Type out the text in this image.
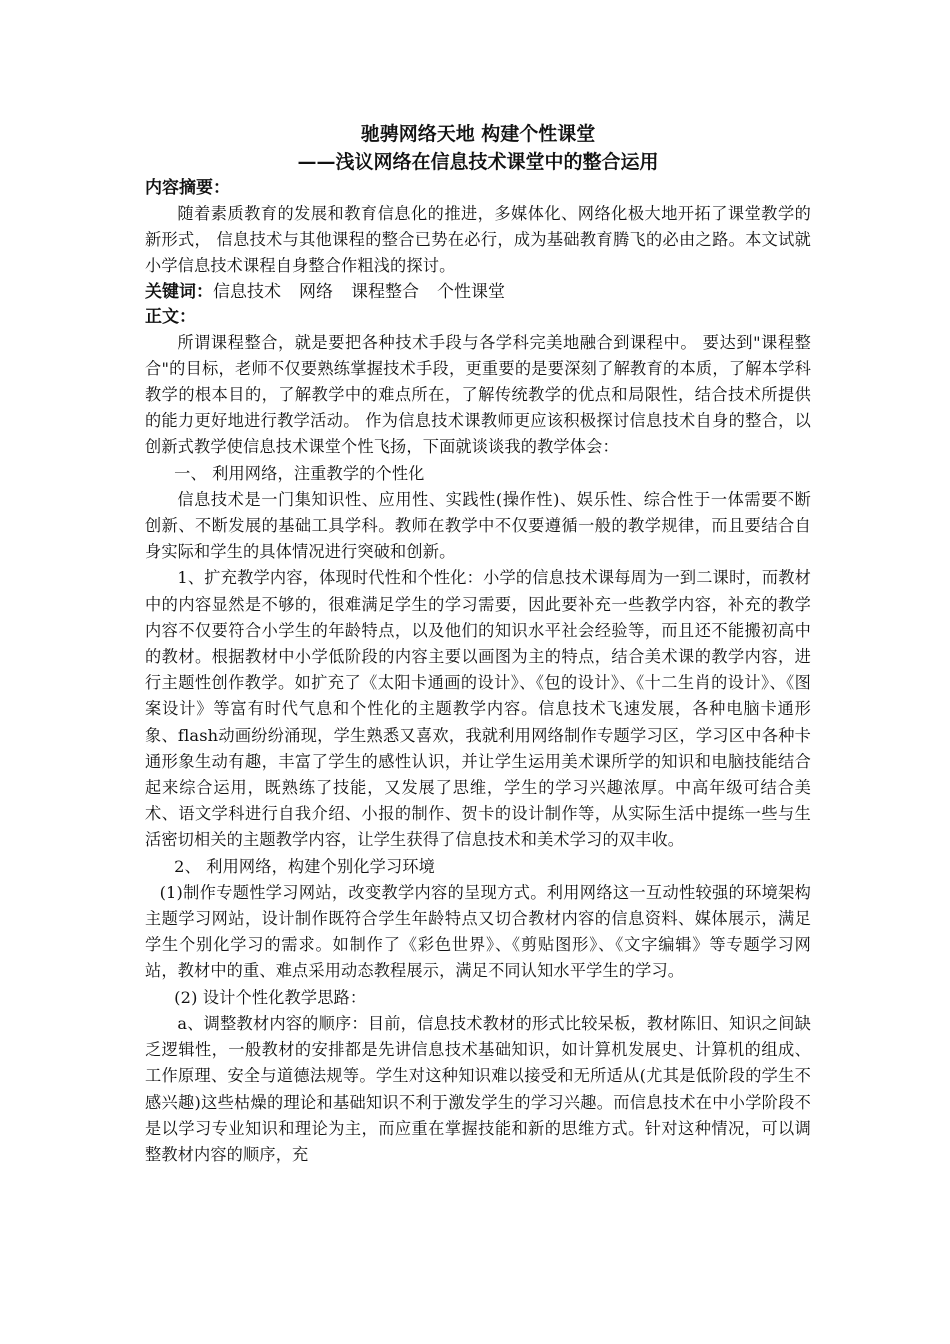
驰骋网络天地 构建个性课堂
——浅议网络在信息技术课堂中的整合运用
内容摘要：

随着素质教育的发展和教育信息化的推进，多媒体化、网络化极大地开拓了课堂教学的新形式， 信息技术与其他课程的整合已势在必行，成为基础教育腾飞的必由之路。本文试就小学信息技术课程自身整合作粗浅的探讨。

关键词：信息技术 网络 课程整合 个性课堂
正文：

所谓课程整合，就是要把各种技术手段与各学科完美地融合到课程中。 要达到"课程整合"的目标，老师不仅要熟练掌握技术手段，更重要的是要深刻了解教育的本质，了解本学科教学的根本目的，了解教学中的难点所在，了解传统教学的优点和局限性，结合技术所提供的能力更好地进行教学活动。 作为信息技术课教师更应该积极探讨信息技术自身的整合，以创新式教学使信息技术课堂个性飞扬，下面就谈谈我的教学体会：

一、 利用网络，注重教学的个性化

信息技术是一门集知识性、应用性、实践性(操作性)、娱乐性、综合性于一体需要不断创新、不断发展的基础工具学科。教师在教学中不仅要遵循一般的教学规律，而且要结合自身实际和学生的具体情况进行突破和创新。

1、扩充教学内容，体现时代性和个性化：小学的信息技术课每周为一到二课时，而教材中的内容显然是不够的，很难满足学生的学习需要，因此要补充一些教学内容，补充的教学内容不仅要符合小学生的年龄特点，以及他们的知识水平社会经验等，而且还不能搬初高中的教材。根据教材中小学低阶段的内容主要以画图为主的特点，结合美术课的教学内容，进行主题性创作教学。如扩充了《太阳卡通画的设计》、《包的设计》、《十二生肖的设计》、《图案设计》等富有时代气息和个性化的主题教学内容。信息技术飞速发展，各种电脑卡通形象、flash动画纷纷涌现，学生熟悉又喜欢，我就利用网络制作专题学习区，学习区中各种卡通形象生动有趣，丰富了学生的感性认识，并让学生运用美术课所学的知识和电脑技能结合起来综合运用，既熟练了技能，又发展了思维，学生的学习兴趣浓厚。中高年级可结合美术、语文学科进行自我介绍、小报的制作、贺卡的设计制作等，从实际生活中提练一些与生活密切相关的主题教学内容，让学生获得了信息技术和美术学习的双丰收。

2、 利用网络，构建个别化学习环境

(1)制作专题性学习网站，改变教学内容的呈现方式。利用网络这一互动性较强的环境架构主题学习网站，设计制作既符合学生年龄特点又切合教材内容的信息资料、媒体展示，满足学生个别化学习的需求。如制作了《彩色世界》、《剪贴图形》、《文字编辑》等专题学习网站，教材中的重、难点采用动态教程展示，满足不同认知水平学生的学习。

(2) 设计个性化教学思路：

a、调整教材内容的顺序：目前，信息技术教材的形式比较呆板，教材陈旧、知识之间缺乏逻辑性，一般教材的安排都是先讲信息技术基础知识，如计算机发展史、计算机的组成、工作原理、安全与道德法规等。学生对这种知识难以接受和无所适从(尤其是低阶段的学生不感兴趣)这些枯燥的理论和基础知识不利于激发学生的学习兴趣。而信息技术在中小学阶段不是以学习专业知识和理论为主，而应重在掌握技能和新的思维方式。针对这种情况，可以调整教材内容的顺序，充
